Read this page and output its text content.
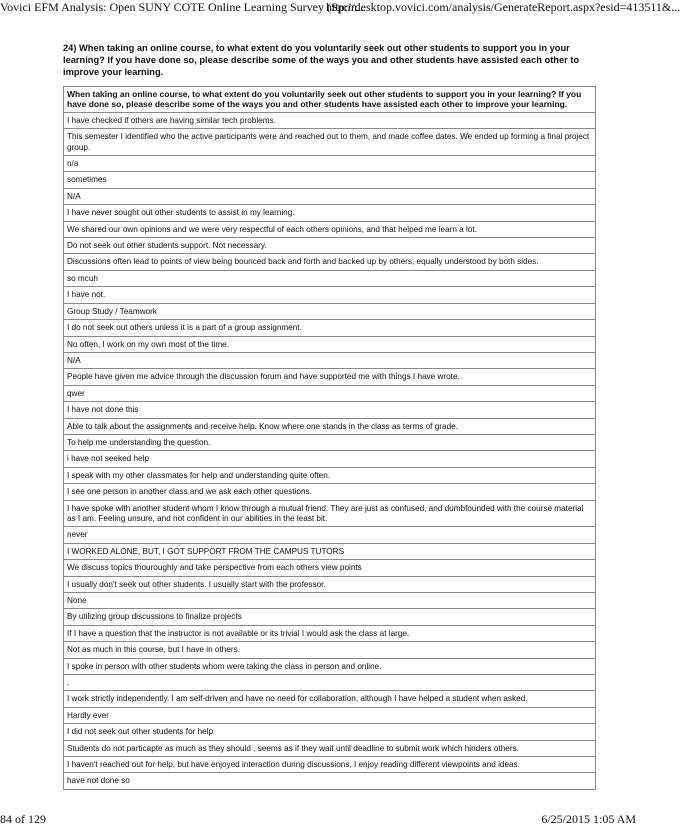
Vovici EFM Analysis: Open SUNY COTE Online Learning Survey (Sprin...
http://desktop.vovici.com/analysis/GenerateReport.aspx?esid=413511&...
24) When taking an online course, to what extent do you voluntarily seek out other students to support you in your learning? If you have done so, please describe some of the ways you and other students have assisted each other to improve your learning.
When taking an online course, to what extent do you voluntarily seek out other students to support you in your learning? If you have done so, please describe some of the ways you and other students have assisted each other to improve your learning.
I have checked if others are having similar tech problems.
This semester I identified who the active participants were and reached out to them, and made coffee dates. We ended up forming a final project group.
n/a
sometimes
N/A
I have never sought out other students to assist in my learning.
We shared our own opinions and we were very respectful of each others opinions, and that helped me learn a lot.
Do not seek out other students support. Not necessary.
Discussions often lead to points of view being bounced back and forth and backed up by others, equally understood by both sides.
so mcuh
I have not.
Group Study / Teamwork
I do not seek out others unless it is a part of a group assignment.
No often, I work on my own most of the time.
N/A
People have given me advice through the discussion forum and have supported me with things I have wrote.
qwer
I have not done this
Able to talk about the assignments and receive help. Know where one stands in the class as terms of grade.
To help me understanding the question.
i have not seeked help
I speak with my other classmates for help and understanding quite often.
I see one person in another class and we ask each other questions.
I have spoke with another student whom I know through a mutual friend. They are just as confused, and dumbfounded with the course material as I am. Feeling unsure, and not confident in our abilities in the least bit.
never
I WORKED ALONE, BUT, I GOT SUPPORT FROM THE CAMPUS TUTORS
We discuss topics thouroughly and take perspective from each others view points
I usually don't seek out other students. I usually start with the professor.
None
By utilizing group discussions to finalize projects
If I have a question that the instructor is not available or its trivial I would ask the class at large.
Not as much in this course, but I have in others.
I spoke in person with other students whom were taking the class in person and online.
.
I work strictly independently. I am self-driven and have no need for collaboration, although I have helped a student when asked.
Hardly ever
I did not seek out other students for help
Students do not particapte as much as they should , seems as if they wait until deadline to submit work which hinders others.
I haven't reached out for help, but have enjoyed interaction during discussions, I enjoy reading different viewpoints and ideas.
have not done so
84 of 129	6/25/2015 1:05 AM
